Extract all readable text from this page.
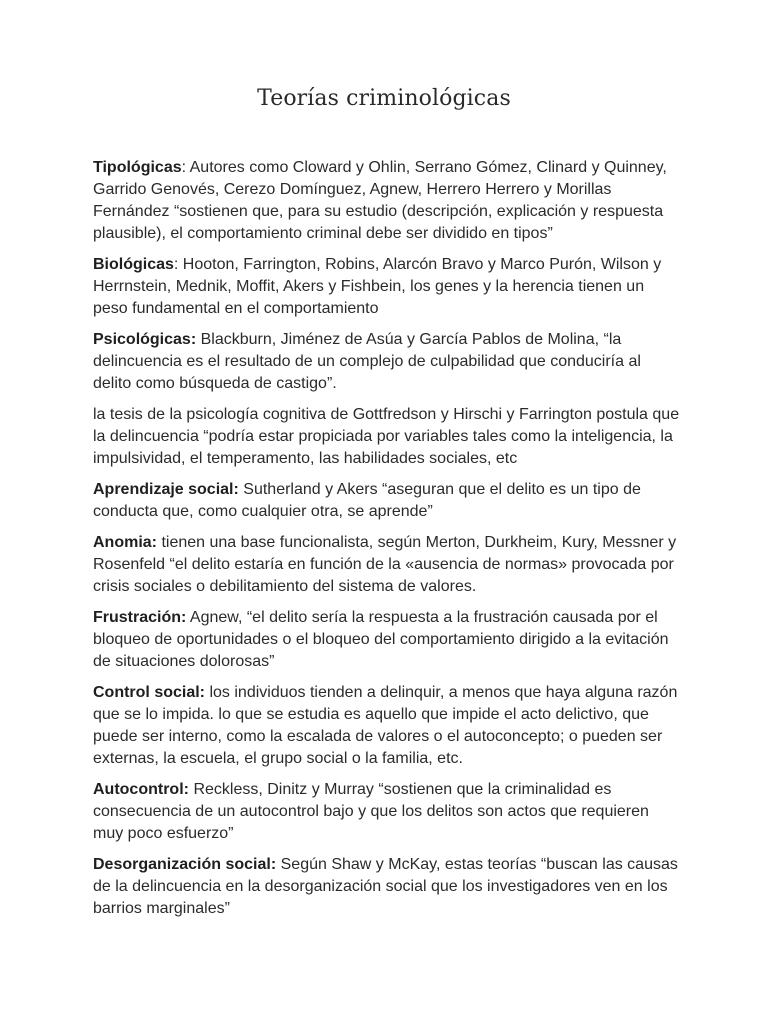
Teorías criminológicas

Tipológicas: Autores como Cloward y Ohlin, Serrano Gómez, Clinard y Quinney, Garrido Genovés, Cerezo Domínguez, Agnew, Herrero Herrero y Morillas Fernández “sostienen que, para su estudio (descripción, explicación y respuesta plausible), el comportamiento criminal debe ser dividido en tipos”

Biológicas: Hooton, Farrington, Robins, Alarcón Bravo y Marco Purón, Wilson y Herrnstein, Mednik, Moffit, Akers y Fishbein, los genes y la herencia tienen un peso fundamental en el comportamiento

Psicológicas: Blackburn, Jiménez de Asúa y García Pablos de Molina, “la delincuencia es el resultado de un complejo de culpabilidad que conduciría al delito como búsqueda de castigo”.

la tesis de la psicología cognitiva de Gottfredson y Hirschi y Farrington postula que la delincuencia “podría estar propiciada por variables tales como la inteligencia, la impulsividad, el temperamento, las habilidades sociales, etc

Aprendizaje social: Sutherland y Akers “aseguran que el delito es un tipo de conducta que, como cualquier otra, se aprende”

Anomia: tienen una base funcionalista, según Merton, Durkheim, Kury, Messner y Rosenfeld “el delito estaría en función de la «ausencia de normas» provocada por crisis sociales o debilitamiento del sistema de valores.

Frustración: Agnew, “el delito sería la respuesta a la frustración causada por el bloqueo de oportunidades o el bloqueo del comportamiento dirigido a la evitación de situaciones dolorosas”

Control social: los individuos tienden a delinquir, a menos que haya alguna razón que se lo impida. lo que se estudia es aquello que impide el acto delictivo, que puede ser interno, como la escalada de valores o el autoconcepto; o pueden ser externas, la escuela, el grupo social o la familia, etc.

Autocontrol: Reckless, Dinitz y Murray “sostienen que la criminalidad es consecuencia de un autocontrol bajo y que los delitos son actos que requieren muy poco esfuerzo”

Desorganización social: Según Shaw y McKay, estas teorías “buscan las causas de la delincuencia en la desorganización social que los investigadores ven en los barrios marginales”
